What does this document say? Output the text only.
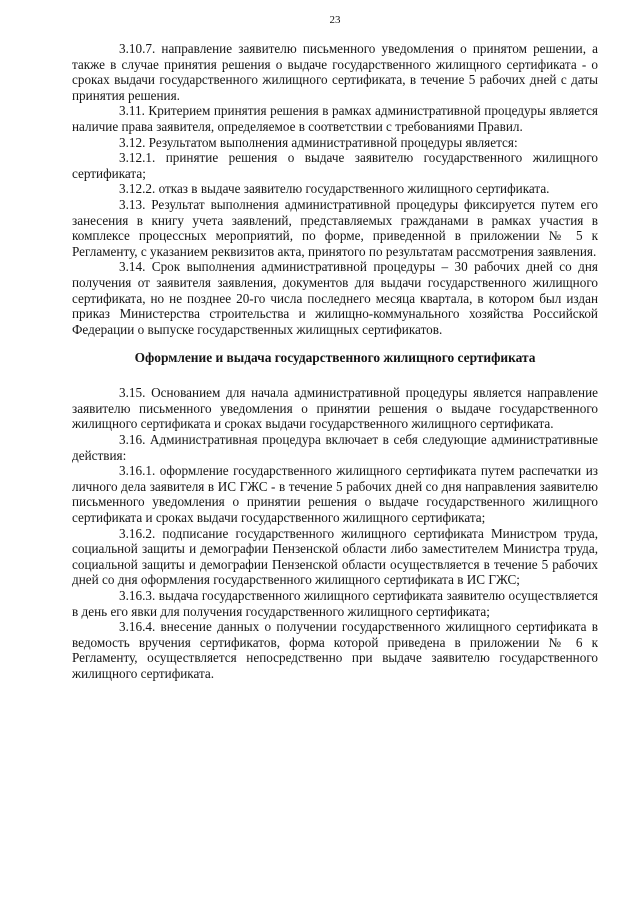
23

3.10.7. направление заявителю письменного уведомления о принятом решении, а также в случае принятия решения о выдаче государственного жилищного сертификата - о сроках выдачи государственного жилищного сертификата, в течение 5 рабочих дней с даты принятия решения.

3.11. Критерием принятия решения в рамках административной процедуры является наличие права заявителя, определяемое в соответствии с требованиями Правил.

3.12. Результатом выполнения административной процедуры является:

3.12.1. принятие решения о выдаче заявителю государственного жилищного сертификата;

3.12.2. отказ в выдаче заявителю государственного жилищного сертификата.

3.13. Результат выполнения административной процедуры фиксируется путем его занесения в книгу учета заявлений, представляемых гражданами в рамках участия в комплексе процессных мероприятий, по форме, приведенной в приложении № 5 к Регламенту, с указанием реквизитов акта, принятого по результатам рассмотрения заявления.

3.14. Срок выполнения административной процедуры – 30 рабочих дней со дня получения от заявителя заявления, документов для выдачи государственного жилищного сертификата, но не позднее 20-го числа последнего месяца квартала, в котором был издан приказ Министерства строительства и жилищно-коммунального хозяйства Российской Федерации о выпуске государственных жилищных сертификатов.

Оформление и выдача государственного жилищного сертификата

3.15. Основанием для начала административной процедуры является направление заявителю письменного уведомления о принятии решения о выдаче государственного жилищного сертификата и сроках выдачи государственного жилищного сертификата.

3.16. Административная процедура включает в себя следующие административные действия:

3.16.1. оформление государственного жилищного сертификата путем распечатки из личного дела заявителя в ИС ГЖС - в течение 5 рабочих дней со дня направления заявителю письменного уведомления о принятии решения о выдаче государственного жилищного сертификата и сроках выдачи государственного жилищного сертификата;

3.16.2. подписание государственного жилищного сертификата Министром труда, социальной защиты и демографии Пензенской области либо заместителем Министра труда, социальной защиты и демографии Пензенской области осуществляется в течение 5 рабочих дней со дня оформления государственного жилищного сертификата в ИС ГЖС;

3.16.3. выдача государственного жилищного сертификата заявителю осуществляется в день его явки для получения государственного жилищного сертификата;

3.16.4. внесение данных о получении государственного жилищного сертификата в ведомость вручения сертификатов, форма которой приведена в приложении № 6 к Регламенту, осуществляется непосредственно при выдаче заявителю государственного жилищного сертификата.
